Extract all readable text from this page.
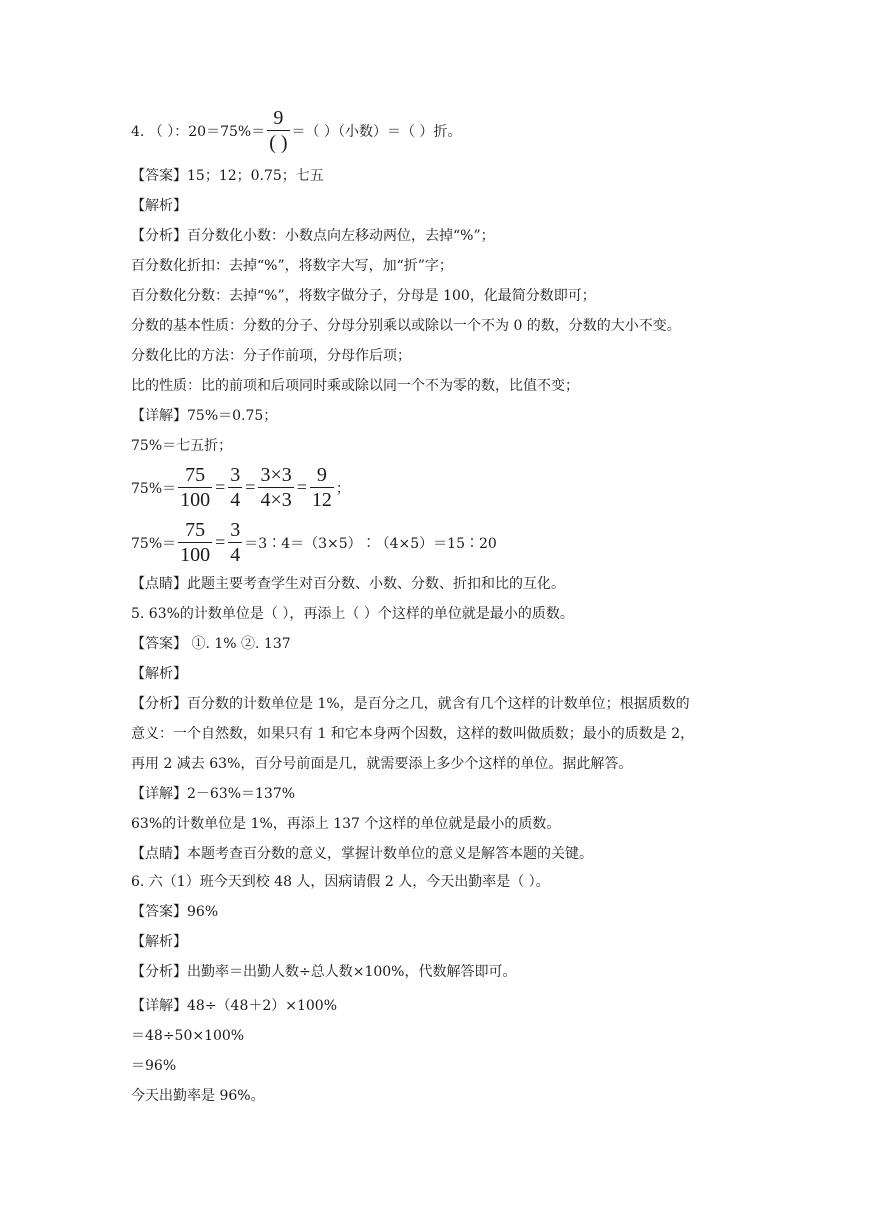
4. （ ）：$20=75\%= \frac{9}{( )}$ ＝（ ）（小数）＝（ ）折。
【答案】15；12；0.75；七五
【解析】
【分析】百分数化小数：小数点向左移动两位，去掉“%”；
百分数化折扣：去掉“%”，将数字大写，加“折”字；
百分数化分数：去掉“%”，将数字做分子，分母是 100，化最简分数即可；
分数的基本性质：分数的分子、分母分别乘以或除以一个不为 0 的数，分数的大小不变。
分数化比的方法：分子作前项，分母作后项；
比的性质：比的前项和后项同时乘或除以同一个不为零的数，比值不变；
【详解】75%＝0.75；
75%＝七五折；
$75\%= \frac{75}{100} = \frac{3}{4} = \frac{3\times 3}{4\times 3} = \frac{9}{12}$ ；
$75\%= \frac{75}{100} = \frac{3}{4}$ ＝3∶4＝（3×5）∶（4×5）＝15∶20
【点睛】此题主要考查学生对百分数、小数、分数、折扣和比的互化。
5. 63%的计数单位是（ ），再添上（ ）个这样的单位就是最小的质数。
【答案】 ①. 1% ②. 137
【解析】
【分析】百分数的计数单位是 1%，是百分之几，就含有几个这样的计数单位；根据质数的
意义：一个自然数，如果只有 1 和它本身两个因数，这样的数叫做质数；最小的质数是 2，
再用 2 减去 63%，百分号前面是几，就需要添上多少个这样的单位。据此解答。
【详解】2－63%＝137%
63%的计数单位是 1%，再添上 137 个这样的单位就是最小的质数。
【点睛】本题考查百分数的意义，掌握计数单位的意义是解答本题的关键。
6. 六（1）班今天到校 48 人，因病请假 2 人，今天出勤率是（ ）。
【答案】96%
【解析】
【分析】出勤率＝出勤人数÷总人数×100%，代数解答即可。
【详解】48÷（48＋2）×100%
＝48÷50×100%
＝96%
今天出勤率是 96%。
